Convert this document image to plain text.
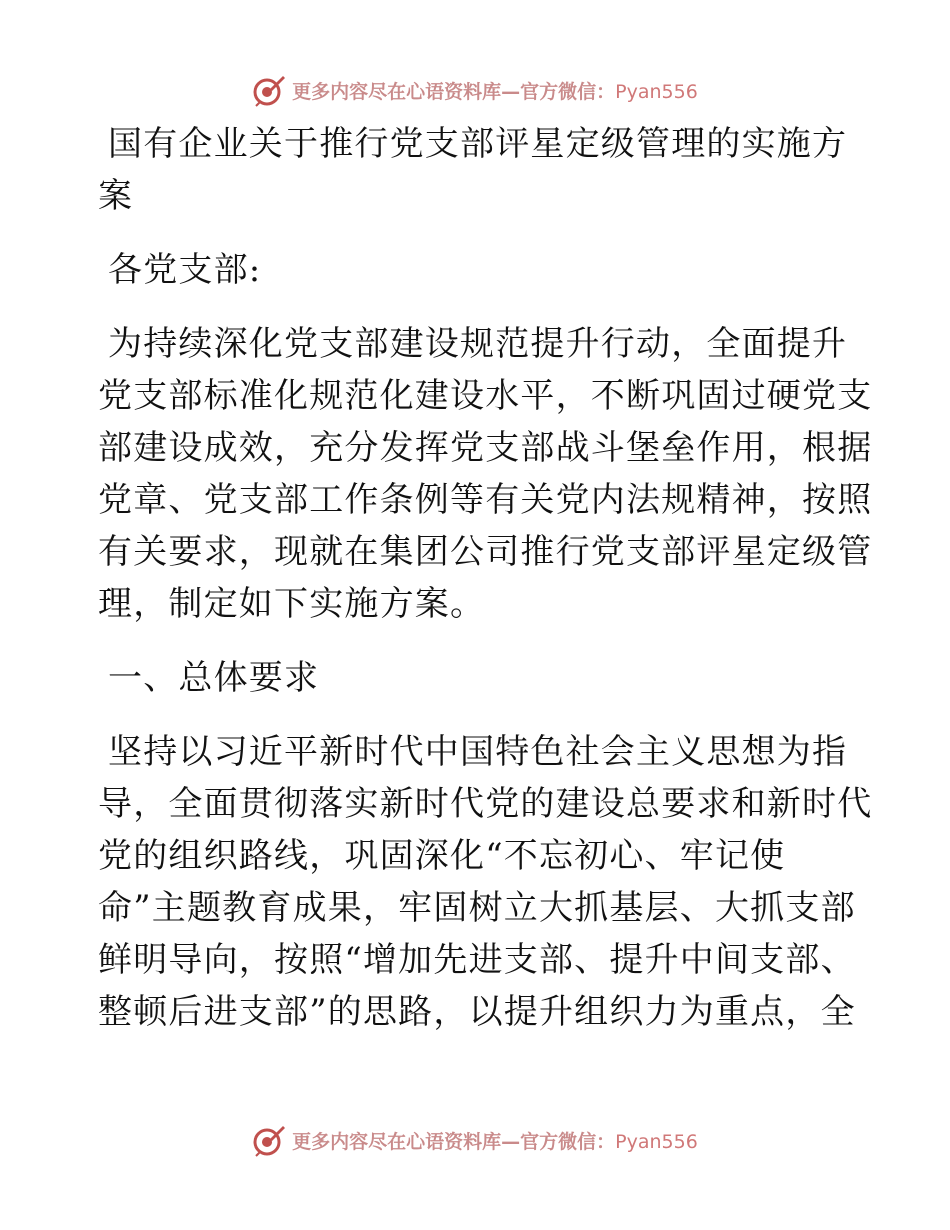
更多内容尽在心语资料库—官方微信：Pyan556
国有企业关于推行党支部评星定级管理的实施方
案
各党支部:
为持续深化党支部建设规范提升行动，全面提升
党支部标准化规范化建设水平，不断巩固过硬党支
部建设成效，充分发挥党支部战斗堡垒作用，根据
党章、党支部工作条例等有关党内法规精神，按照
有关要求，现就在集团公司推行党支部评星定级管
理，制定如下实施方案。
一、总体要求
坚持以习近平新时代中国特色社会主义思想为指
导，全面贯彻落实新时代党的建设总要求和新时代
党的组织路线，巩固深化“不忘初心、牢记使
命”主题教育成果，牢固树立大抓基层、大抓支部
鲜明导向，按照“增加先进支部、提升中间支部、
整顿后进支部”的思路，以提升组织力为重点，全
更多内容尽在心语资料库—官方微信：Pyan556
